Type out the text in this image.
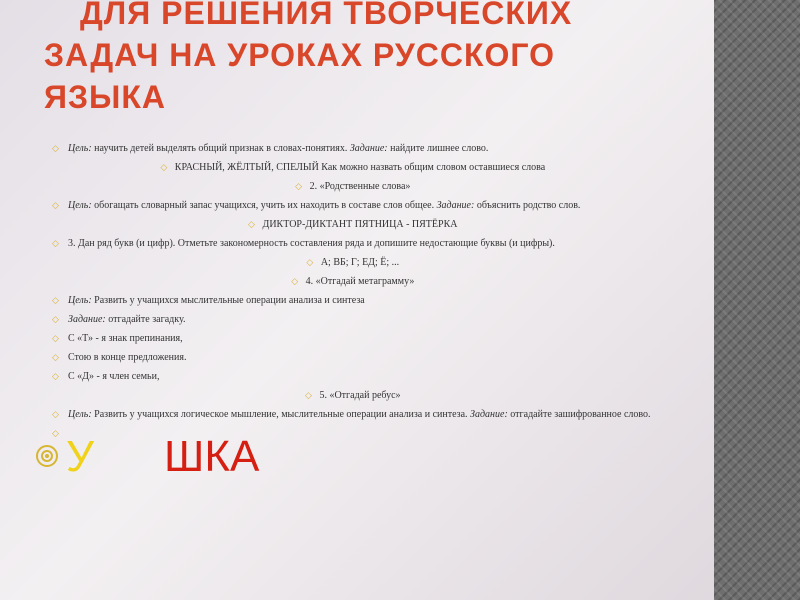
ДЛЯ РЕШЕНИЯ ТВОРЧЕСКИХ
ЗАДАЧ НА УРОКАХ РУССКОГО
ЯЗЫКА
◇ Цель: научить детей выделять общий признак в словах-понятиях. Задание: найдите лишнее слово.
◇ КРАСНЫЙ, ЖЁЛТЫЙ, СПЕЛЫЙ Как можно назвать общим словом оставшиеся слова
◇ 2. «Родственные слова»
◇ Цель: обогащать словарный запас учащихся, учить их находить в составе слов общее. Задание: объяснить родство слов.
◇ ДИКТОР-ДИКТАНТ ПЯТНИЦА - ПЯТЁРКА
◇ 3. Дан ряд букв (и цифр). Отметьте закономерность составления ряда и допишите недостающие буквы (и цифры).
◇ А; ВБ; Г; ЕД; Ё; ...
◇ 4. «Отгадай метаграмму»
◇ Цель: Развить у учащихся мыслительные операции анализа и синтеза
◇ Задание: отгадайте загадку.
◇ С «Т» - я знак препинания,
◇ Стою в конце предложения.
◇ С «Д» - я член семьи,
◇ 5. «Отгадай ребус»
◇ Цель: Развить у учащихся логическое мышление, мыслительные операции анализа и синтеза. Задание: отгадайте зашифрованное слово.
◇ У ШКА
